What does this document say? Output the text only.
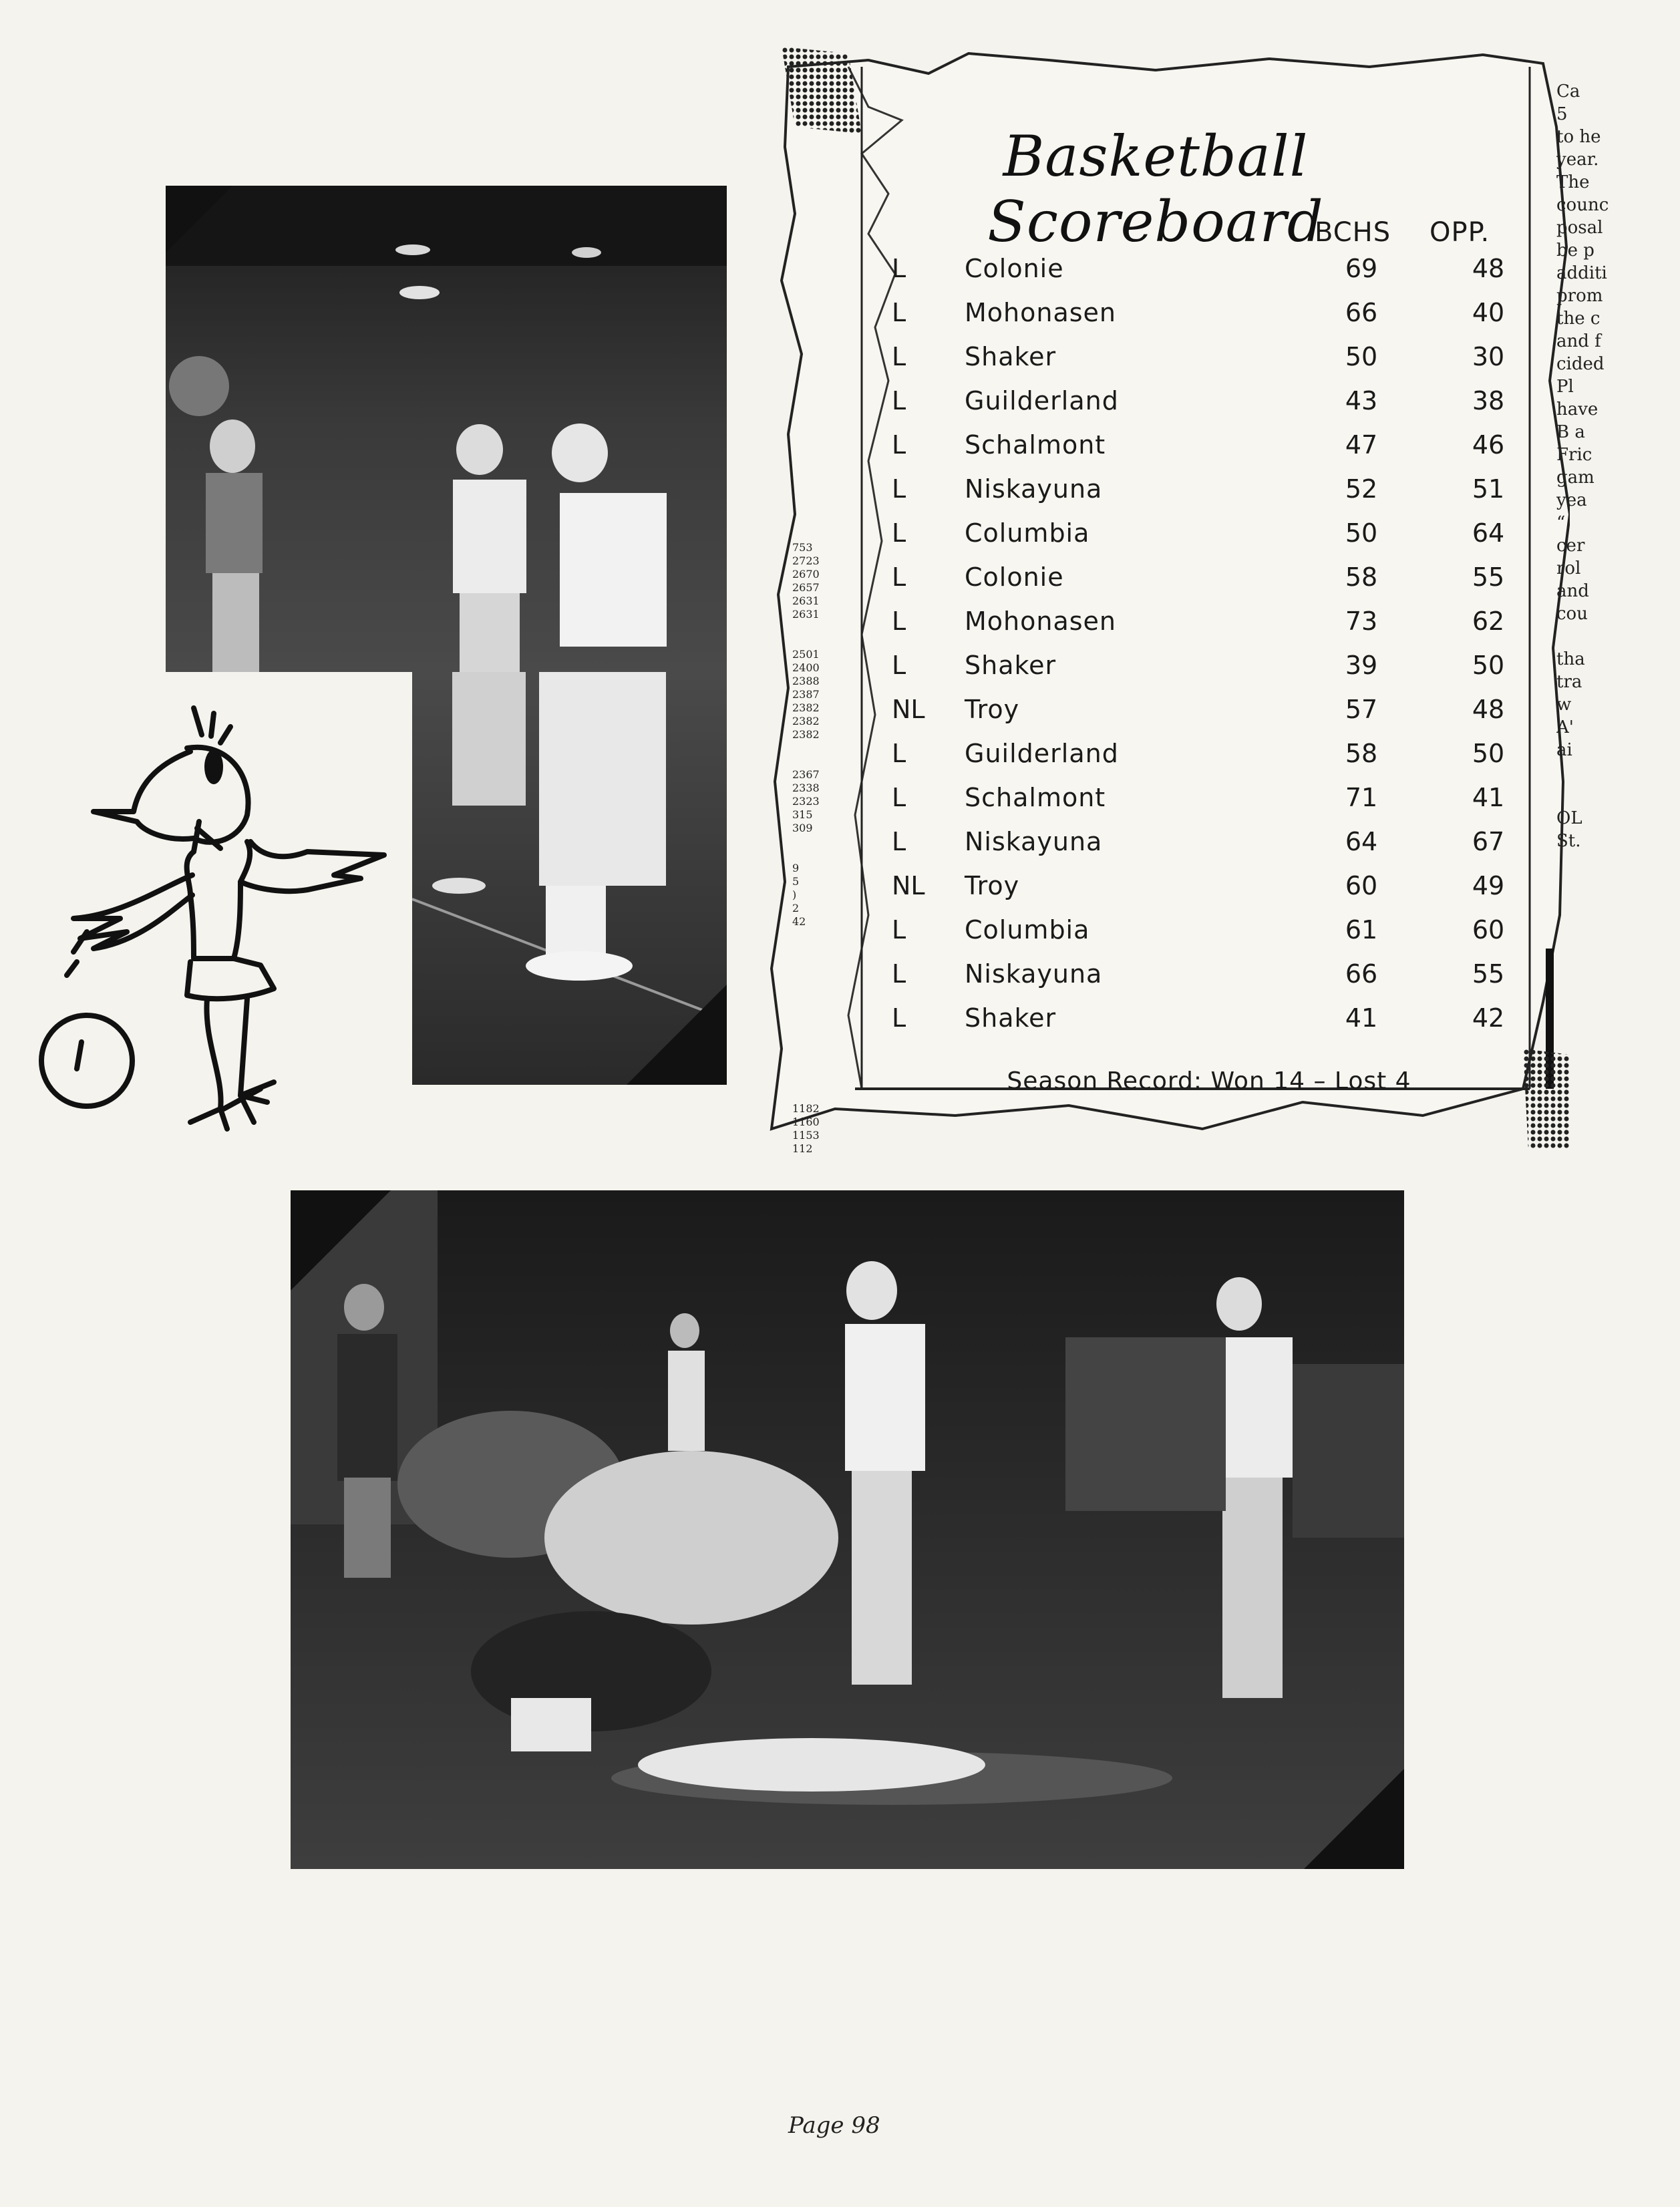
Basketball Scoreboard
BCHS OPP.
L Colonie	69	48
L Mohonasen	66	40
L Shaker	50	30
L Guilderland	43	38
L Schalmont	47	46
L Niskayuna	52	51
L Columbia	50	64
L Colonie	58	55
L Mohonasen	73	62
L Shaker	39	50
NL Troy	57	48
L Guilderland	58	50
L Schalmont	71	41
L Niskayuna	64	67
NL Troy	60	49
L Columbia	61	60
L Niskayuna	66	55
L Shaker	41	42
Season Record: Won 14 – Lost 4
Ca
5
to he
year.
The
counc
posal
be p
additi
prom
the c
and f
cided
Pl
have
B a
Fric
gam
yea
“
cer
rol
and
cou

tha
tra
w
A'
ai

OL
St.
753
2723
2670
2657
2631
2631
2501
2400
2388
2387
2382
2382
2382
2367
2338
2323
315
309
9
5
)
2
42
1182
1160
1153
112
Page 98
